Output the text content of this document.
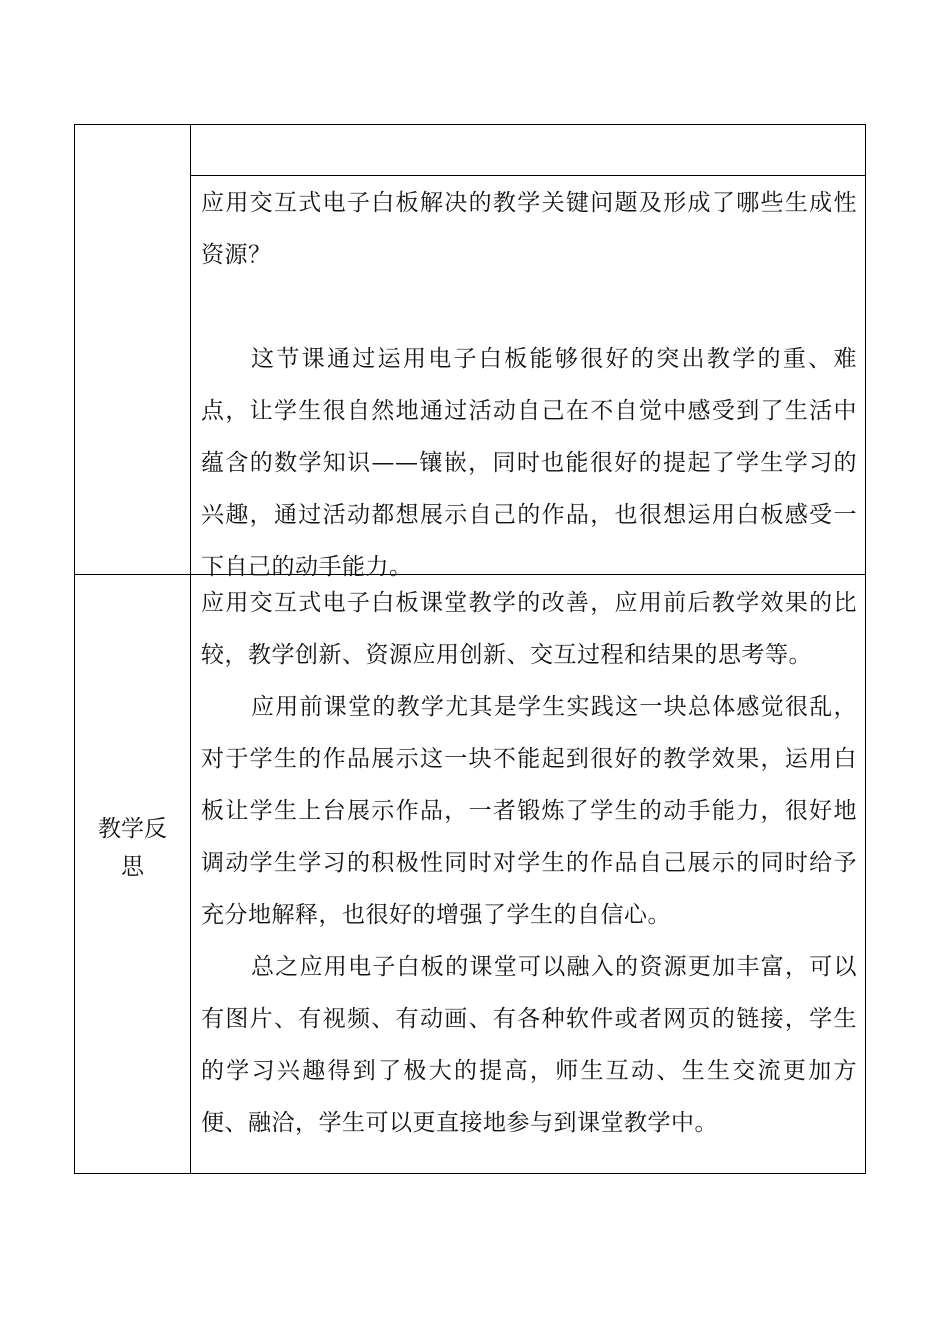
应用交互式电子白板解决的教学关键问题及形成了哪些生成性资源？

这节课通过运用电子白板能够很好的突出教学的重、难点，让学生很自然地通过活动自己在不自觉中感受到了生活中蕴含的数学知识——镶嵌，同时也能很好的提起了学生学习的兴趣，通过活动都想展示自己的作品，也很想运用白板感受一下自己的动手能力。

教学反思

应用交互式电子白板课堂教学的改善，应用前后教学效果的比较，教学创新、资源应用创新、交互过程和结果的思考等。

应用前课堂的教学尤其是学生实践这一块总体感觉很乱，对于学生的作品展示这一块不能起到很好的教学效果，运用白板让学生上台展示作品，一者锻炼了学生的动手能力，很好地调动学生学习的积极性同时对学生的作品自己展示的同时给予充分地解释，也很好的增强了学生的自信心。

总之应用电子白板的课堂可以融入的资源更加丰富，可以有图片、有视频、有动画、有各种软件或者网页的链接，学生的学习兴趣得到了极大的提高，师生互动、生生交流更加方便、融洽，学生可以更直接地参与到课堂教学中。
